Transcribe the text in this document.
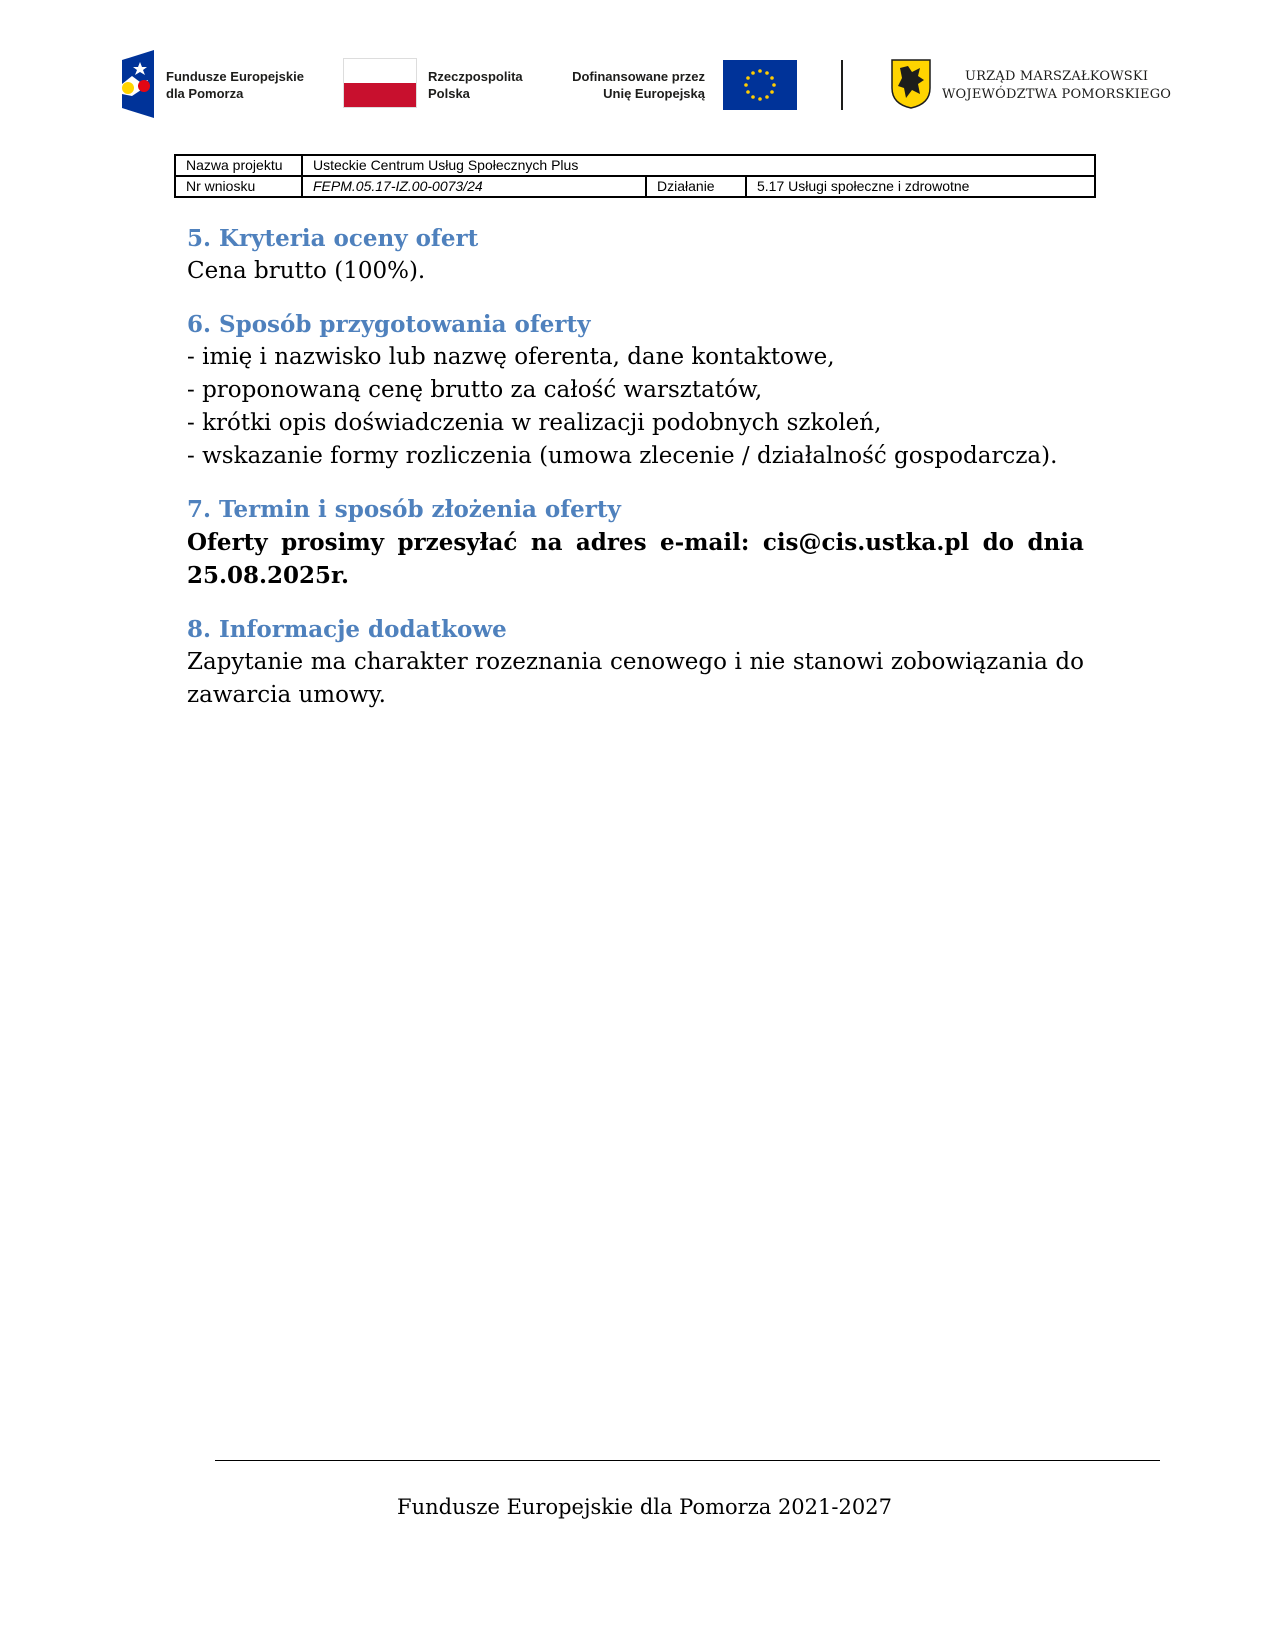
Fundusze Europejskie
dla Pomorza
Rzeczpospolita
Polska
Dofinansowane przez
Unię Europejską
URZĄD MARSZAŁKOWSKI
WOJEWÓDZTWA POMORSKIEGO
Nazwa projektu	Usteckie Centrum Usług Społecznych Plus		
Nr wniosku	FEPM.05.17-IZ.00-0073/24	Działanie	5.17 Usługi społeczne i zdrowotne
5. Kryteria oceny ofert
Cena brutto (100%).
6. Sposób przygotowania oferty
- imię i nazwisko lub nazwę oferenta, dane kontaktowe,
- proponowaną cenę brutto za całość warsztatów,
- krótki opis doświadczenia w realizacji podobnych szkoleń,
- wskazanie formy rozliczenia (umowa zlecenie / działalność gospodarcza).
7. Termin i sposób złożenia oferty
Oferty prosimy przesyłać na adres e-mail: cis@cis.ustka.pl do dnia
25.08.2025r.
8. Informacje dodatkowe
Zapytanie ma charakter rozeznania cenowego i nie stanowi zobowiązania do
zawarcia umowy.
Fundusze Europejskie dla Pomorza 2021-2027
